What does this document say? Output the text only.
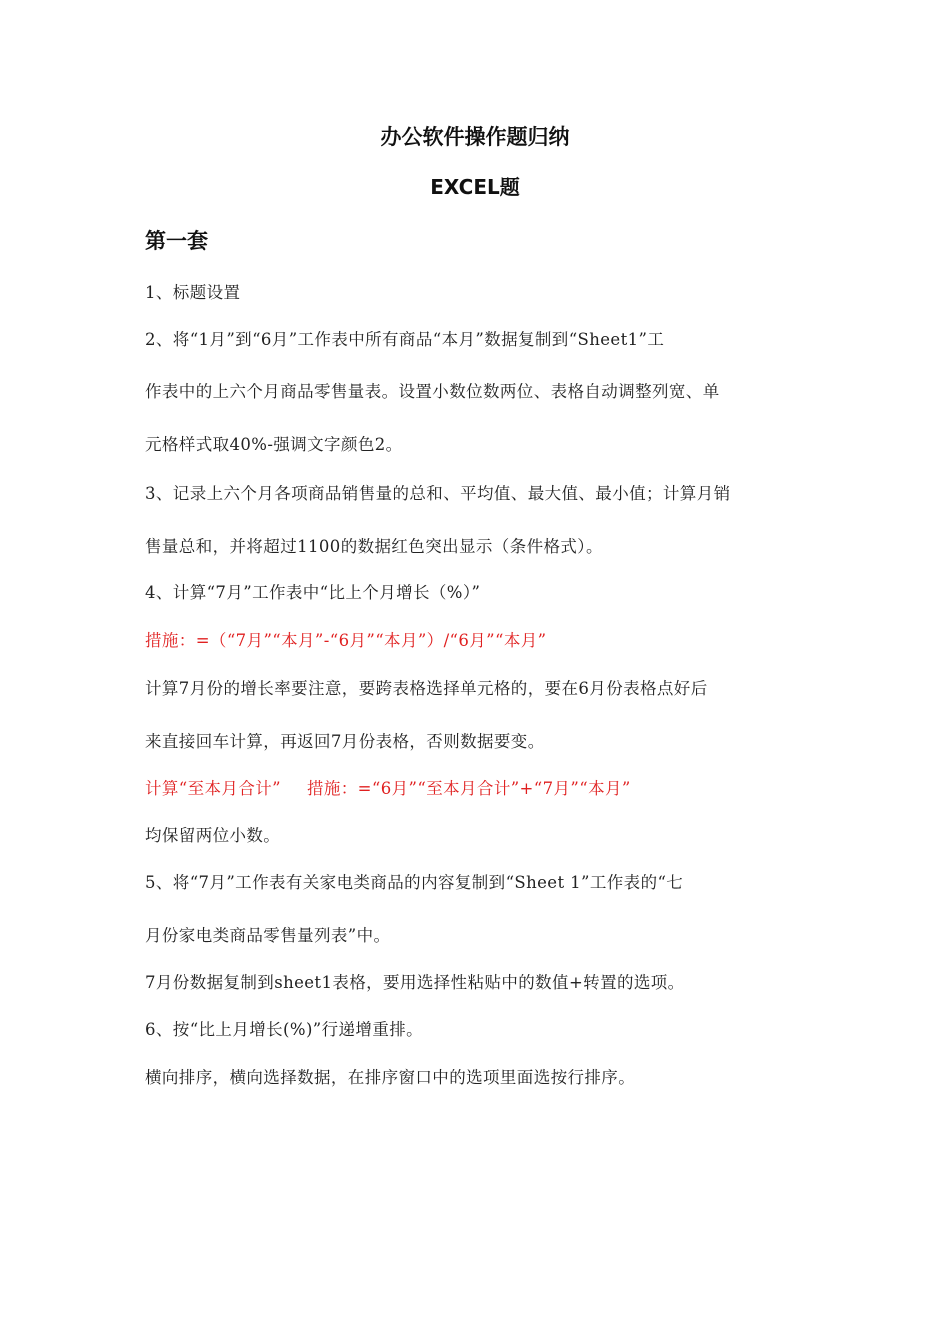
办公软件操作题归纳
EXCEL题
第一套
1、标题设置
2、将“1月”到“6月”工作表中所有商品“本月”数据复制到“Sheet1”工
作表中的上六个月商品零售量表。设置小数位数两位、表格自动调整列宽、单
元格样式取40%-强调文字颜色2。
3、记录上六个月各项商品销售量的总和、平均值、最大值、最小值；计算月销
售量总和，并将超过1100的数据红色突出显示（条件格式）。
4、计算“7月”工作表中“比上个月增长（%）”
措施：=（“7月”“本月”-“6月”“本月”）/“6月”“本月”
计算7月份的增长率要注意，要跨表格选择单元格的，要在6月份表格点好后
来直接回车计算，再返回7月份表格，否则数据要变。
计算“至本月合计” 措施：=“6月”“至本月合计”+“7月”“本月”
均保留两位小数。
5、将“7月”工作表有关家电类商品的内容复制到“Sheet 1”工作表的“七
月份家电类商品零售量列表”中。
7月份数据复制到sheet1表格，要用选择性粘贴中的数值+转置的选项。
6、按“比上月增长(%)”行递增重排。
横向排序，横向选择数据，在排序窗口中的选项里面选按行排序。
